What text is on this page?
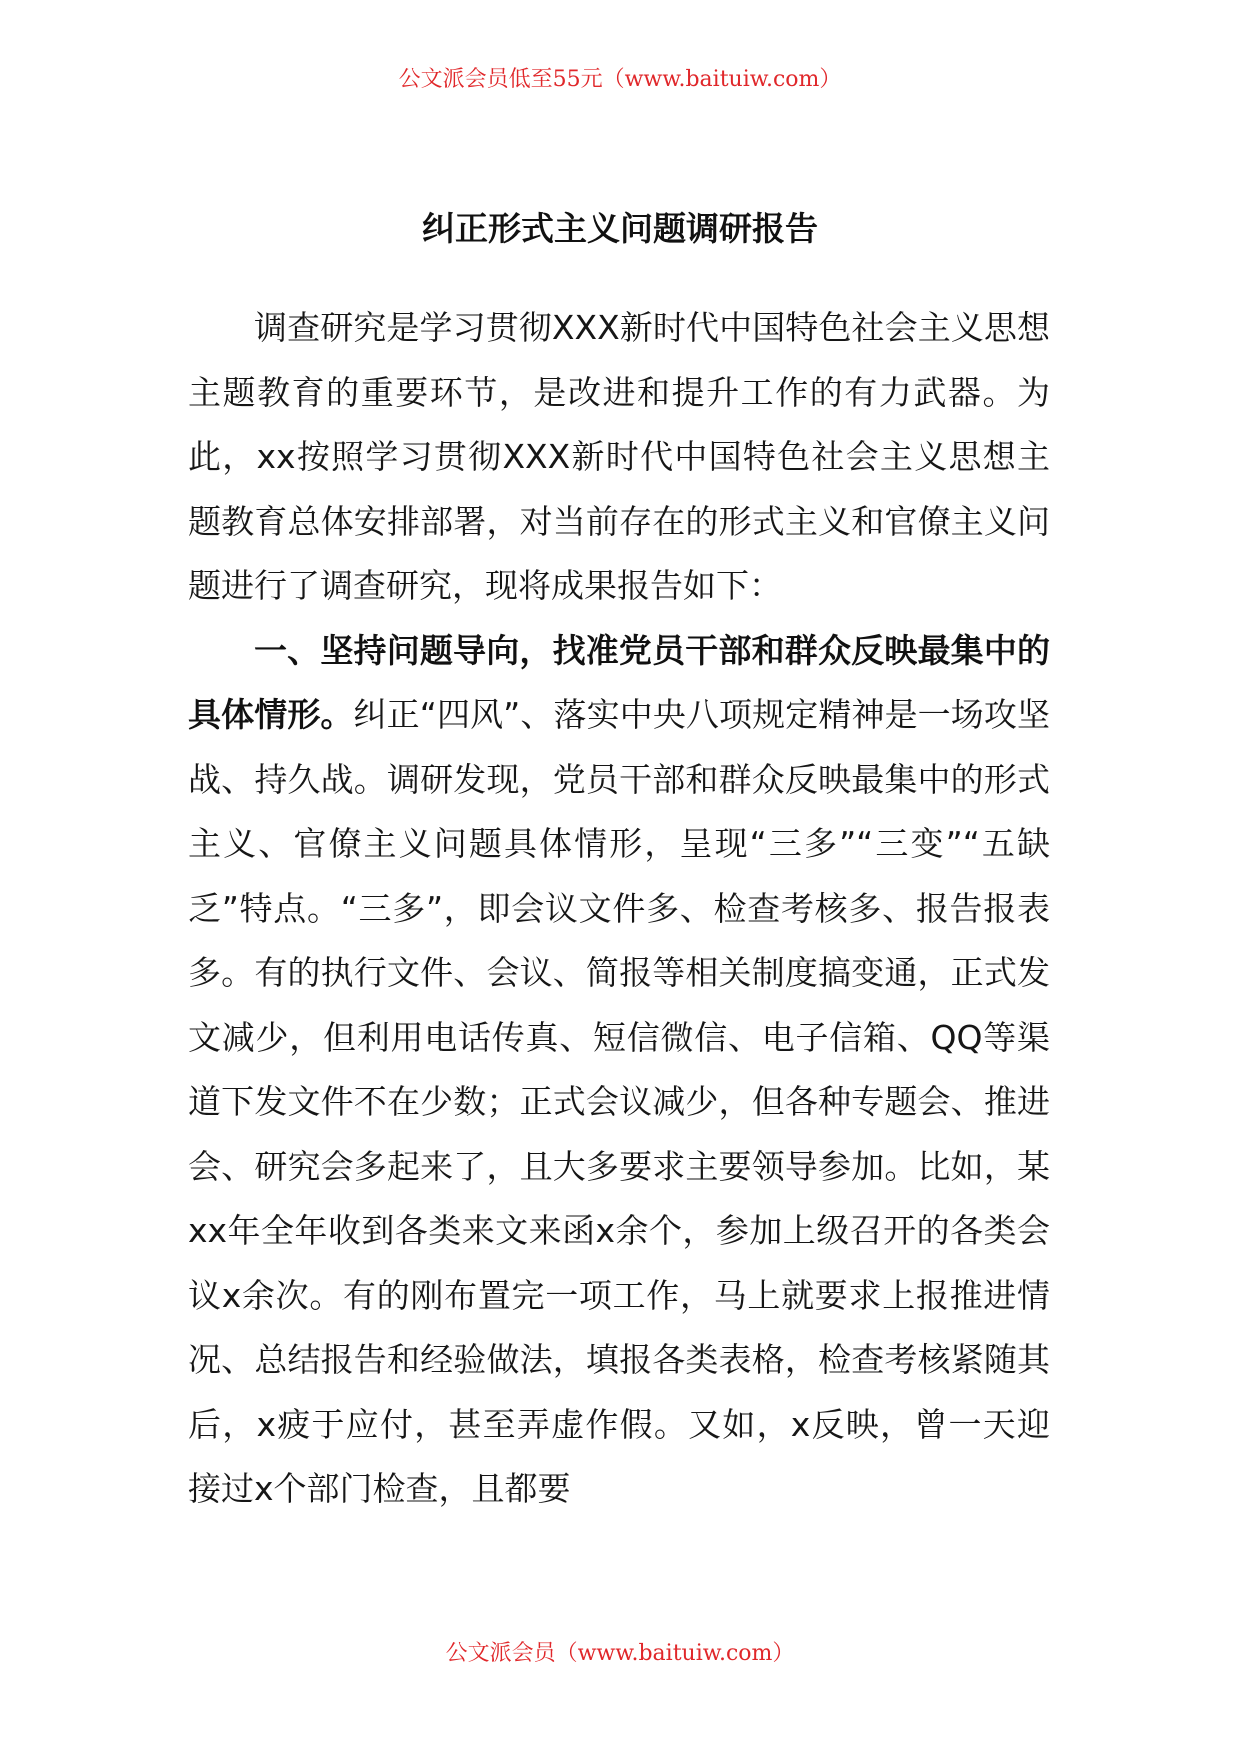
公文派会员低至55元（www.baituiw.com）
纠正形式主义问题调研报告

调查研究是学习贯彻XXX新时代中国特色社会主义思想主题教育的重要环节，是改进和提升工作的有力武器。为此，xx按照学习贯彻XXX新时代中国特色社会主义思想主题教育总体安排部署，对当前存在的形式主义和官僚主义问题进行了调查研究，现将成果报告如下：

一、坚持问题导向，找准党员干部和群众反映最集中的具体情形。纠正“四风”、落实中央八项规定精神是一场攻坚战、持久战。调研发现，党员干部和群众反映最集中的形式主义、官僚主义问题具体情形，呈现“三多”“三变”“五缺乏”特点。“三多”，即会议文件多、检查考核多、报告报表多。有的执行文件、会议、简报等相关制度搞变通，正式发文减少，但利用电话传真、短信微信、电子信箱、QQ等渠道下发文件不在少数；正式会议减少，但各种专题会、推进会、研究会多起来了，且大多要求主要领导参加。比如，某xx年全年收到各类来文来函x余个，参加上级召开的各类会议x余次。有的刚布置完一项工作，马上就要求上报推进情况、总结报告和经验做法，填报各类表格，检查考核紧随其后，x疲于应付，甚至弄虚作假。又如，x反映，曾一天迎接过x个部门检查，且都要

公文派会员（www.baituiw.com）
